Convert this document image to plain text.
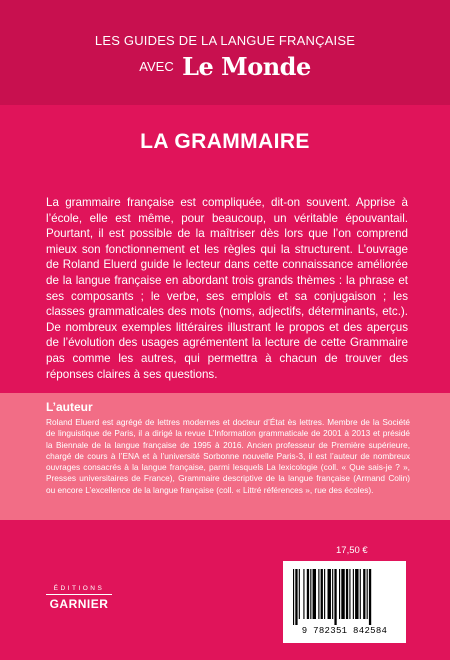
LES GUIDES DE LA LANGUE FRANÇAISE
AVEC Le Monde
LA GRAMMAIRE

La grammaire française est compliquée, dit-on souvent. Apprise à l’école, elle est même, pour beaucoup, un véritable épouvantail. Pourtant, il est possible de la maîtriser dès lors que l’on comprend mieux son fonctionnement et les règles qui la structurent. L’ouvrage de Roland Eluerd guide le lecteur dans cette connaissance améliorée de la langue française en abordant trois grands thèmes : la phrase et ses composants ; le verbe, ses emplois et sa conjugaison ; les classes grammaticales des mots (noms, adjectifs, déterminants, etc.). De nombreux exemples littéraires illustrant le propos et des aperçus de l’évolution des usages agrémentent la lecture de cette Grammaire pas comme les autres, qui permettra à chacun de trouver des réponses claires à ses questions.

L’auteur
Roland Eluerd est agrégé de lettres modernes et docteur d’État ès lettres. Membre de la Société de linguistique de Paris, il a dirigé la revue L’Information grammaticale de 2001 à 2013 et présidé la Biennale de la langue française de 1995 à 2016. Ancien professeur de Première supérieure, chargé de cours à l’ENA et à l’université Sorbonne nouvelle Paris-3, il est l’auteur de nombreux ouvrages consacrés à la langue française, parmi lesquels La lexicologie (coll. « Que sais-je ? », Presses universitaires de France), Grammaire descriptive de la langue française (Armand Colin) ou encore L’excellence de la langue française (coll. « Littré références », rue des écoles).
17,50 €
ÉDITIONS
GARNIER
9 782351 842584
